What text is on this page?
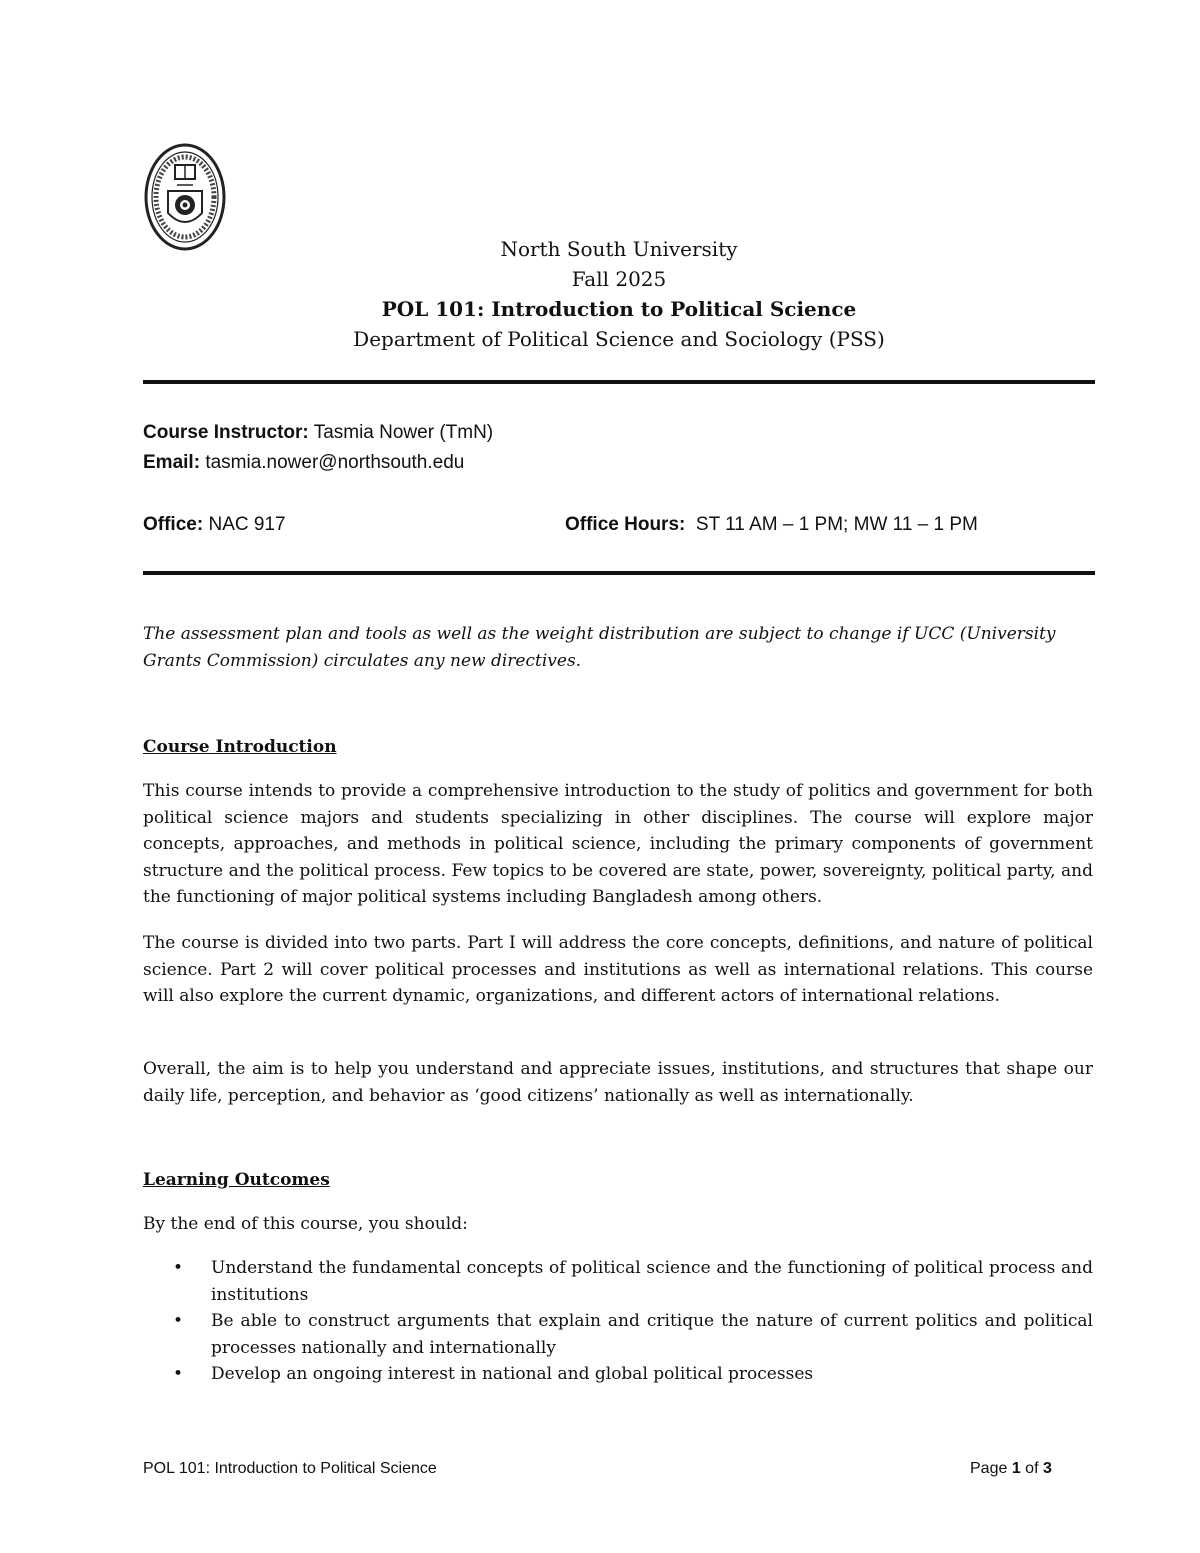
North South University
Fall 2025
POL 101: Introduction to Political Science
Department of Political Science and Sociology (PSS)
Course Instructor: Tasmia Nower (TmN)
Email: tasmia.nower@northsouth.edu
Office: NAC 917	Office Hours: ST 11 AM – 1 PM; MW 11 – 1 PM
The assessment plan and tools as well as the weight distribution are subject to change if UCC (University Grants Commission) circulates any new directives.
Course Introduction

This course intends to provide a comprehensive introduction to the study of politics and government for both political science majors and students specializing in other disciplines. The course will explore major concepts, approaches, and methods in political science, including the primary components of government structure and the political process. Few topics to be covered are state, power, sovereignty, political party, and the functioning of major political systems including Bangladesh among others.

The course is divided into two parts. Part I will address the core concepts, definitions, and nature of political science. Part 2 will cover political processes and institutions as well as international relations. This course will also explore the current dynamic, organizations, and different actors of international relations.

Overall, the aim is to help you understand and appreciate issues, institutions, and structures that shape our daily life, perception, and behavior as ‘good citizens’ nationally as well as internationally.

Learning Outcomes

By the end of this course, you should:

• Understand the fundamental concepts of political science and the functioning of political process and institutions
• Be able to construct arguments that explain and critique the nature of current politics and political processes nationally and internationally
• Develop an ongoing interest in national and global political processes
POL 101: Introduction to Political Science	Page 1 of 3
